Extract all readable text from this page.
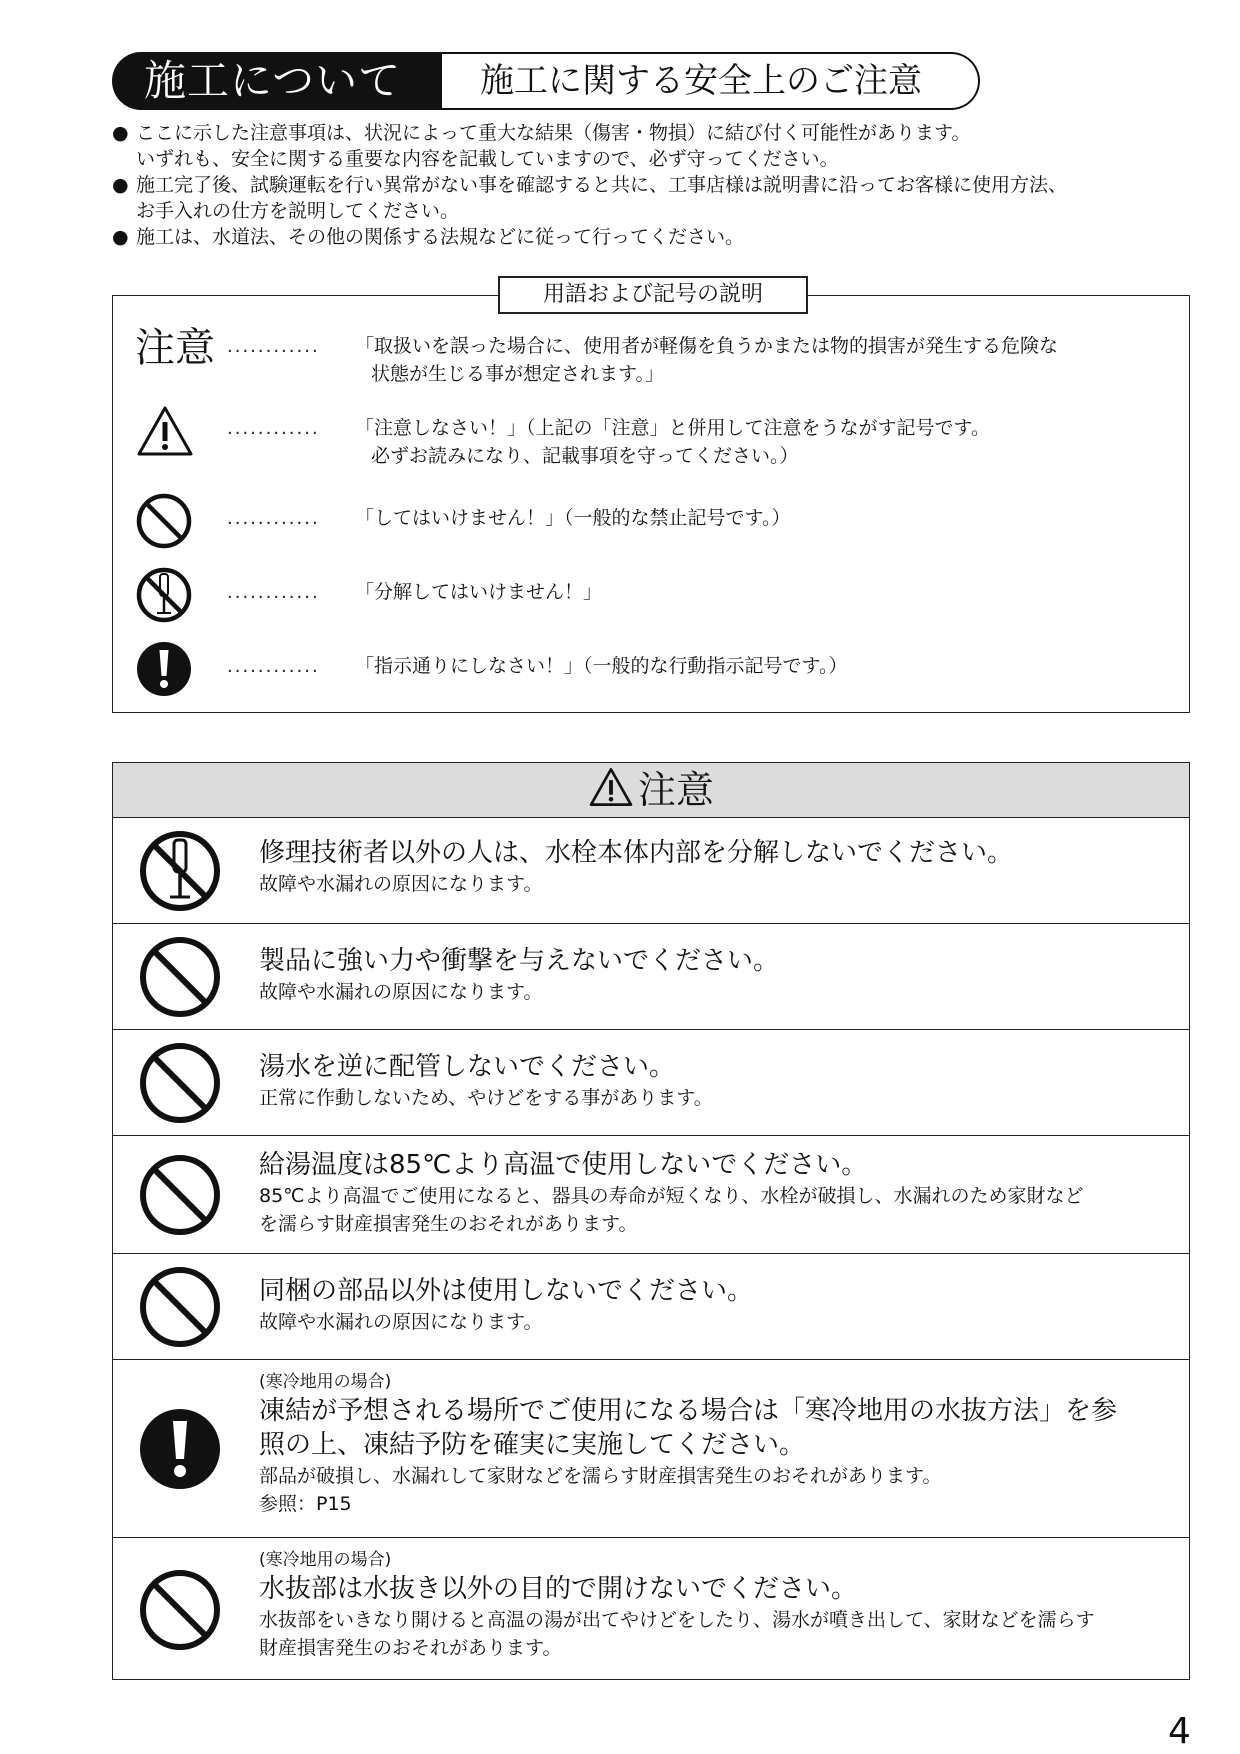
施工について	施工に関する安全上のご注意

● ここに示した注意事項は、状況によって重大な結果（傷害・物損）に結び付く可能性があります。

いずれも、安全に関する重要な内容を記載していますので、必ず守ってください。

● 施工完了後、試験運転を行い異常がない事を確認すると共に、工事店様は説明書に沿ってお客様に使用方法、

お手入れの仕方を説明してください。

● 施工は、水道法、その他の関係する法規などに従って行ってください。

用語および記号の説明
注意 ............ 「取扱いを誤った場合に、使用者が軽傷を負うかまたは物的損害が発生する危険な
状態が生じる事が想定されます。」
............ 「注意しなさい！」（上記の「注意」と併用して注意をうながす記号です。
必ずお読みになり、記載事項を守ってください。）
............ 「してはいけません！」（一般的な禁止記号です。）
............ 「分解してはいけません！」
............ 「指示通りにしなさい！」（一般的な行動指示記号です。）
注意

修理技術者以外の人は、水栓本体内部を分解しないでください。

故障や水漏れの原因になります。

製品に強い力や衝撃を与えないでください。

故障や水漏れの原因になります。

湯水を逆に配管しないでください。

正常に作動しないため、やけどをする事があります。

給湯温度は85℃より高温で使用しないでください。

85℃より高温でご使用になると、器具の寿命が短くなり、水栓が破損し、水漏れのため家財など

を濡らす財産損害発生のおそれがあります。

同梱の部品以外は使用しないでください。

故障や水漏れの原因になります。

(寒冷地用の場合)

凍結が予想される場所でご使用になる場合は「寒冷地用の水抜方法」を参

照の上、凍結予防を確実に実施してください。

部品が破損し、水漏れして家財などを濡らす財産損害発生のおそれがあります。

参照：P15

(寒冷地用の場合)

水抜部は水抜き以外の目的で開けないでください。

水抜部をいきなり開けると高温の湯が出てやけどをしたり、湯水が噴き出して、家財などを濡らす

財産損害発生のおそれがあります。

4
